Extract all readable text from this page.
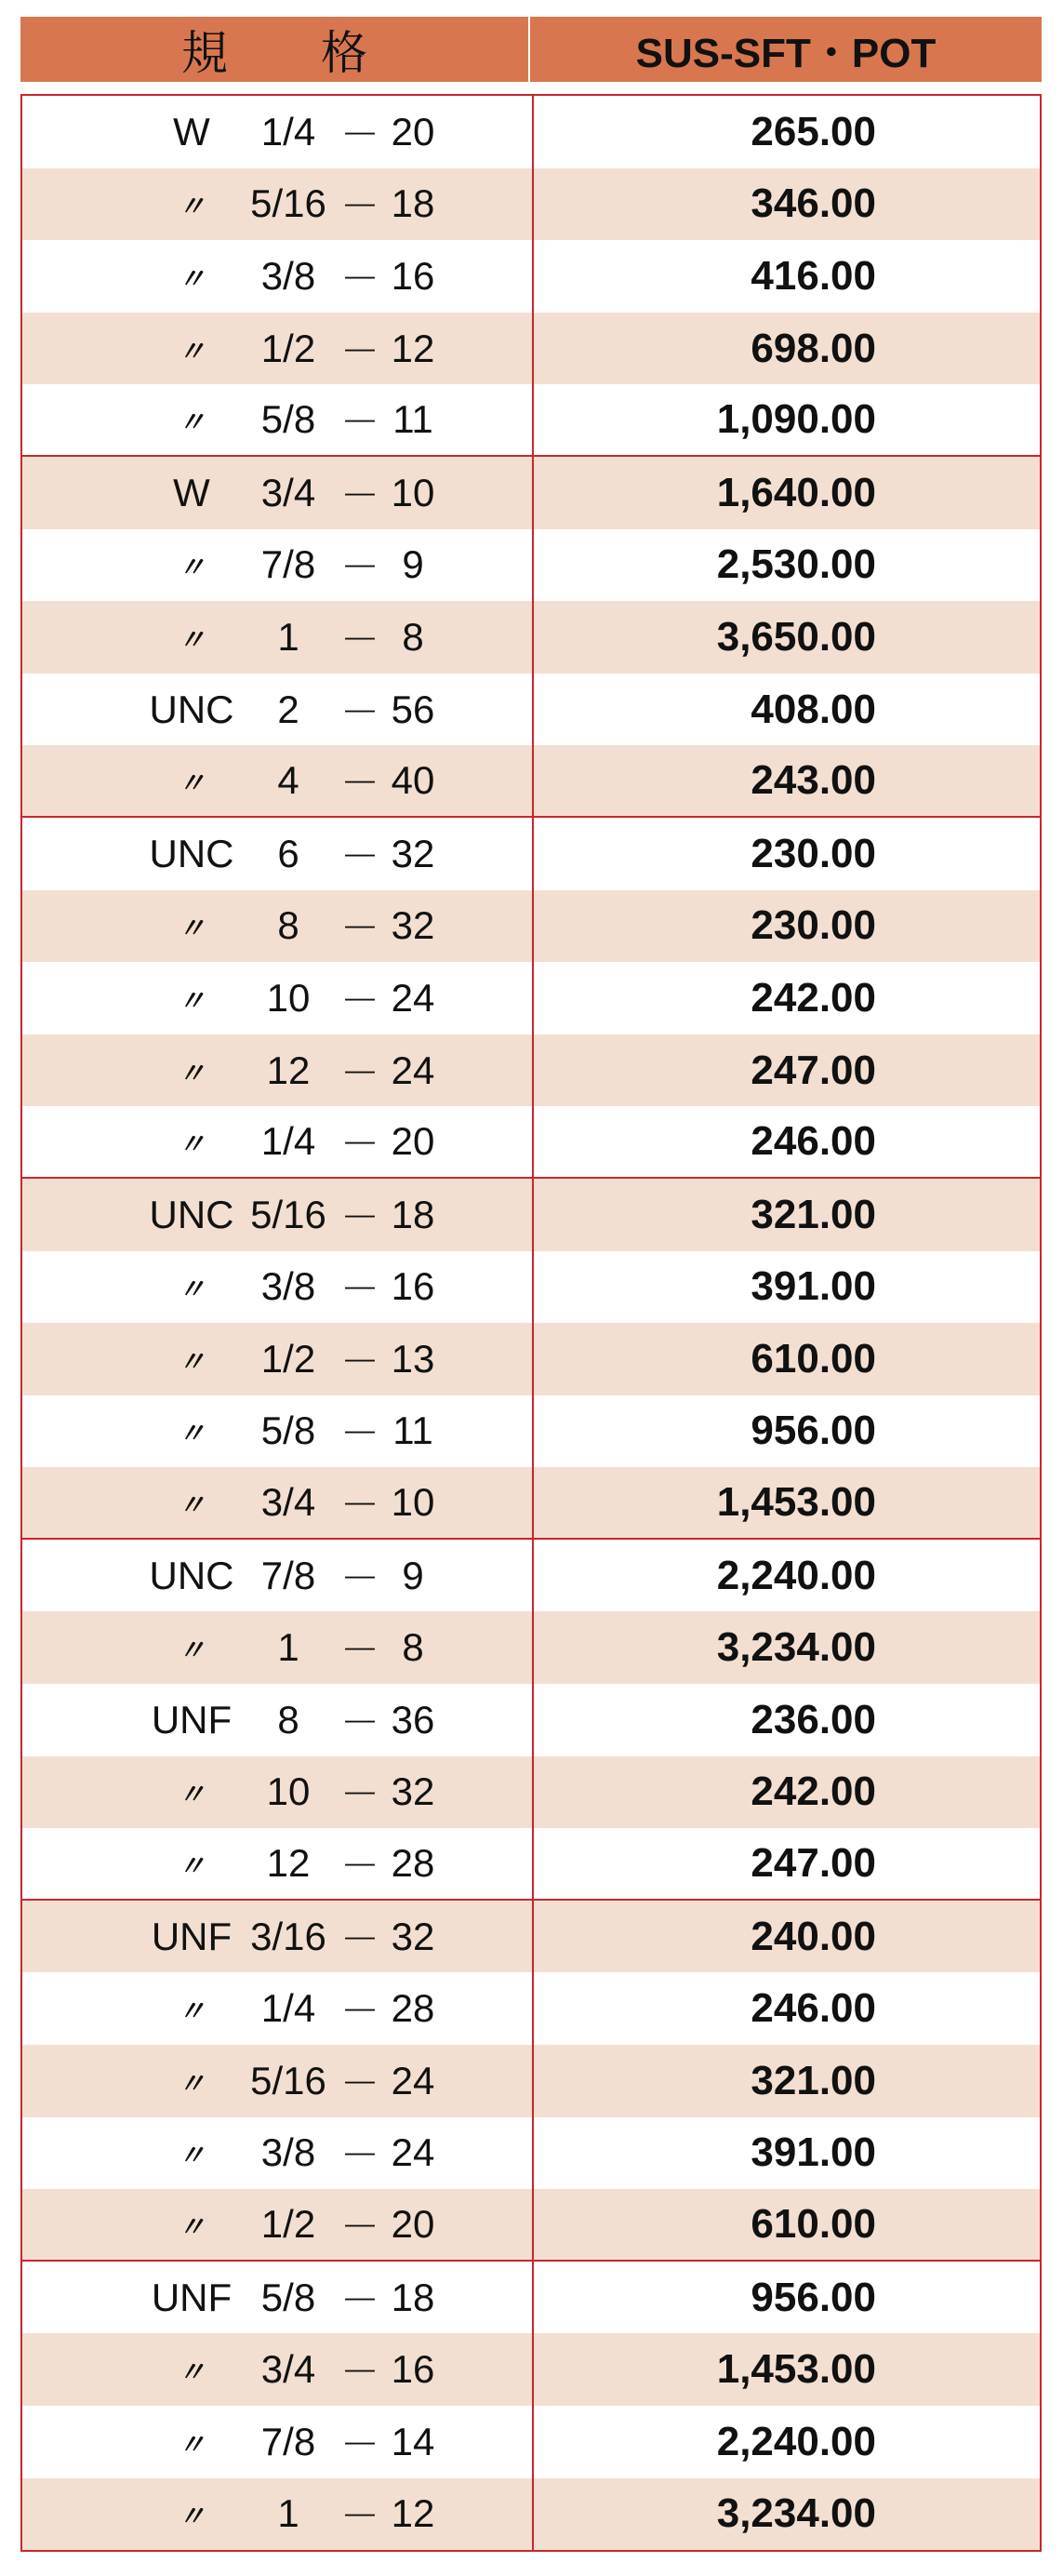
規 格	SUS-SFT・POT
W	1/4 － 20	265.00
〃	5/16 － 18	346.00
〃	3/8 － 16	416.00
〃	1/2 － 12	698.00
〃	5/8 － 11	1,090.00
W	3/4 － 10	1,640.00
〃	7/8 － 9	2,530.00
〃	1	－ 8	3,650.00
UNC	2	－ 56	408.00
〃	4	－ 40	243.00
UNC	6	－ 32	230.00
〃	8	－ 32	230.00
〃	10 － 24	242.00
〃	12 － 24	247.00
〃	1/4 － 20	246.00
UNC 5/16 － 18	321.00
〃	3/8 － 16	391.00
〃	1/2 － 13	610.00
〃	5/8 － 11	956.00
〃	3/4 － 10	1,453.00
UNC 7/8 － 9	2,240.00
〃	1	－ 8	3,234.00
UNF	8	－ 36	236.00
〃	10 － 32	242.00
〃	12 － 28	247.00
UNF 3/16 － 32	240.00
〃	1/4 － 28	246.00
〃	5/16 － 24	321.00
〃	3/8 － 24	391.00
〃	1/2 － 20	610.00
UNF 5/8 － 18	956.00
〃	3/4 － 16	1,453.00
〃	7/8 － 14	2,240.00
〃	1	－ 12	3,234.00
